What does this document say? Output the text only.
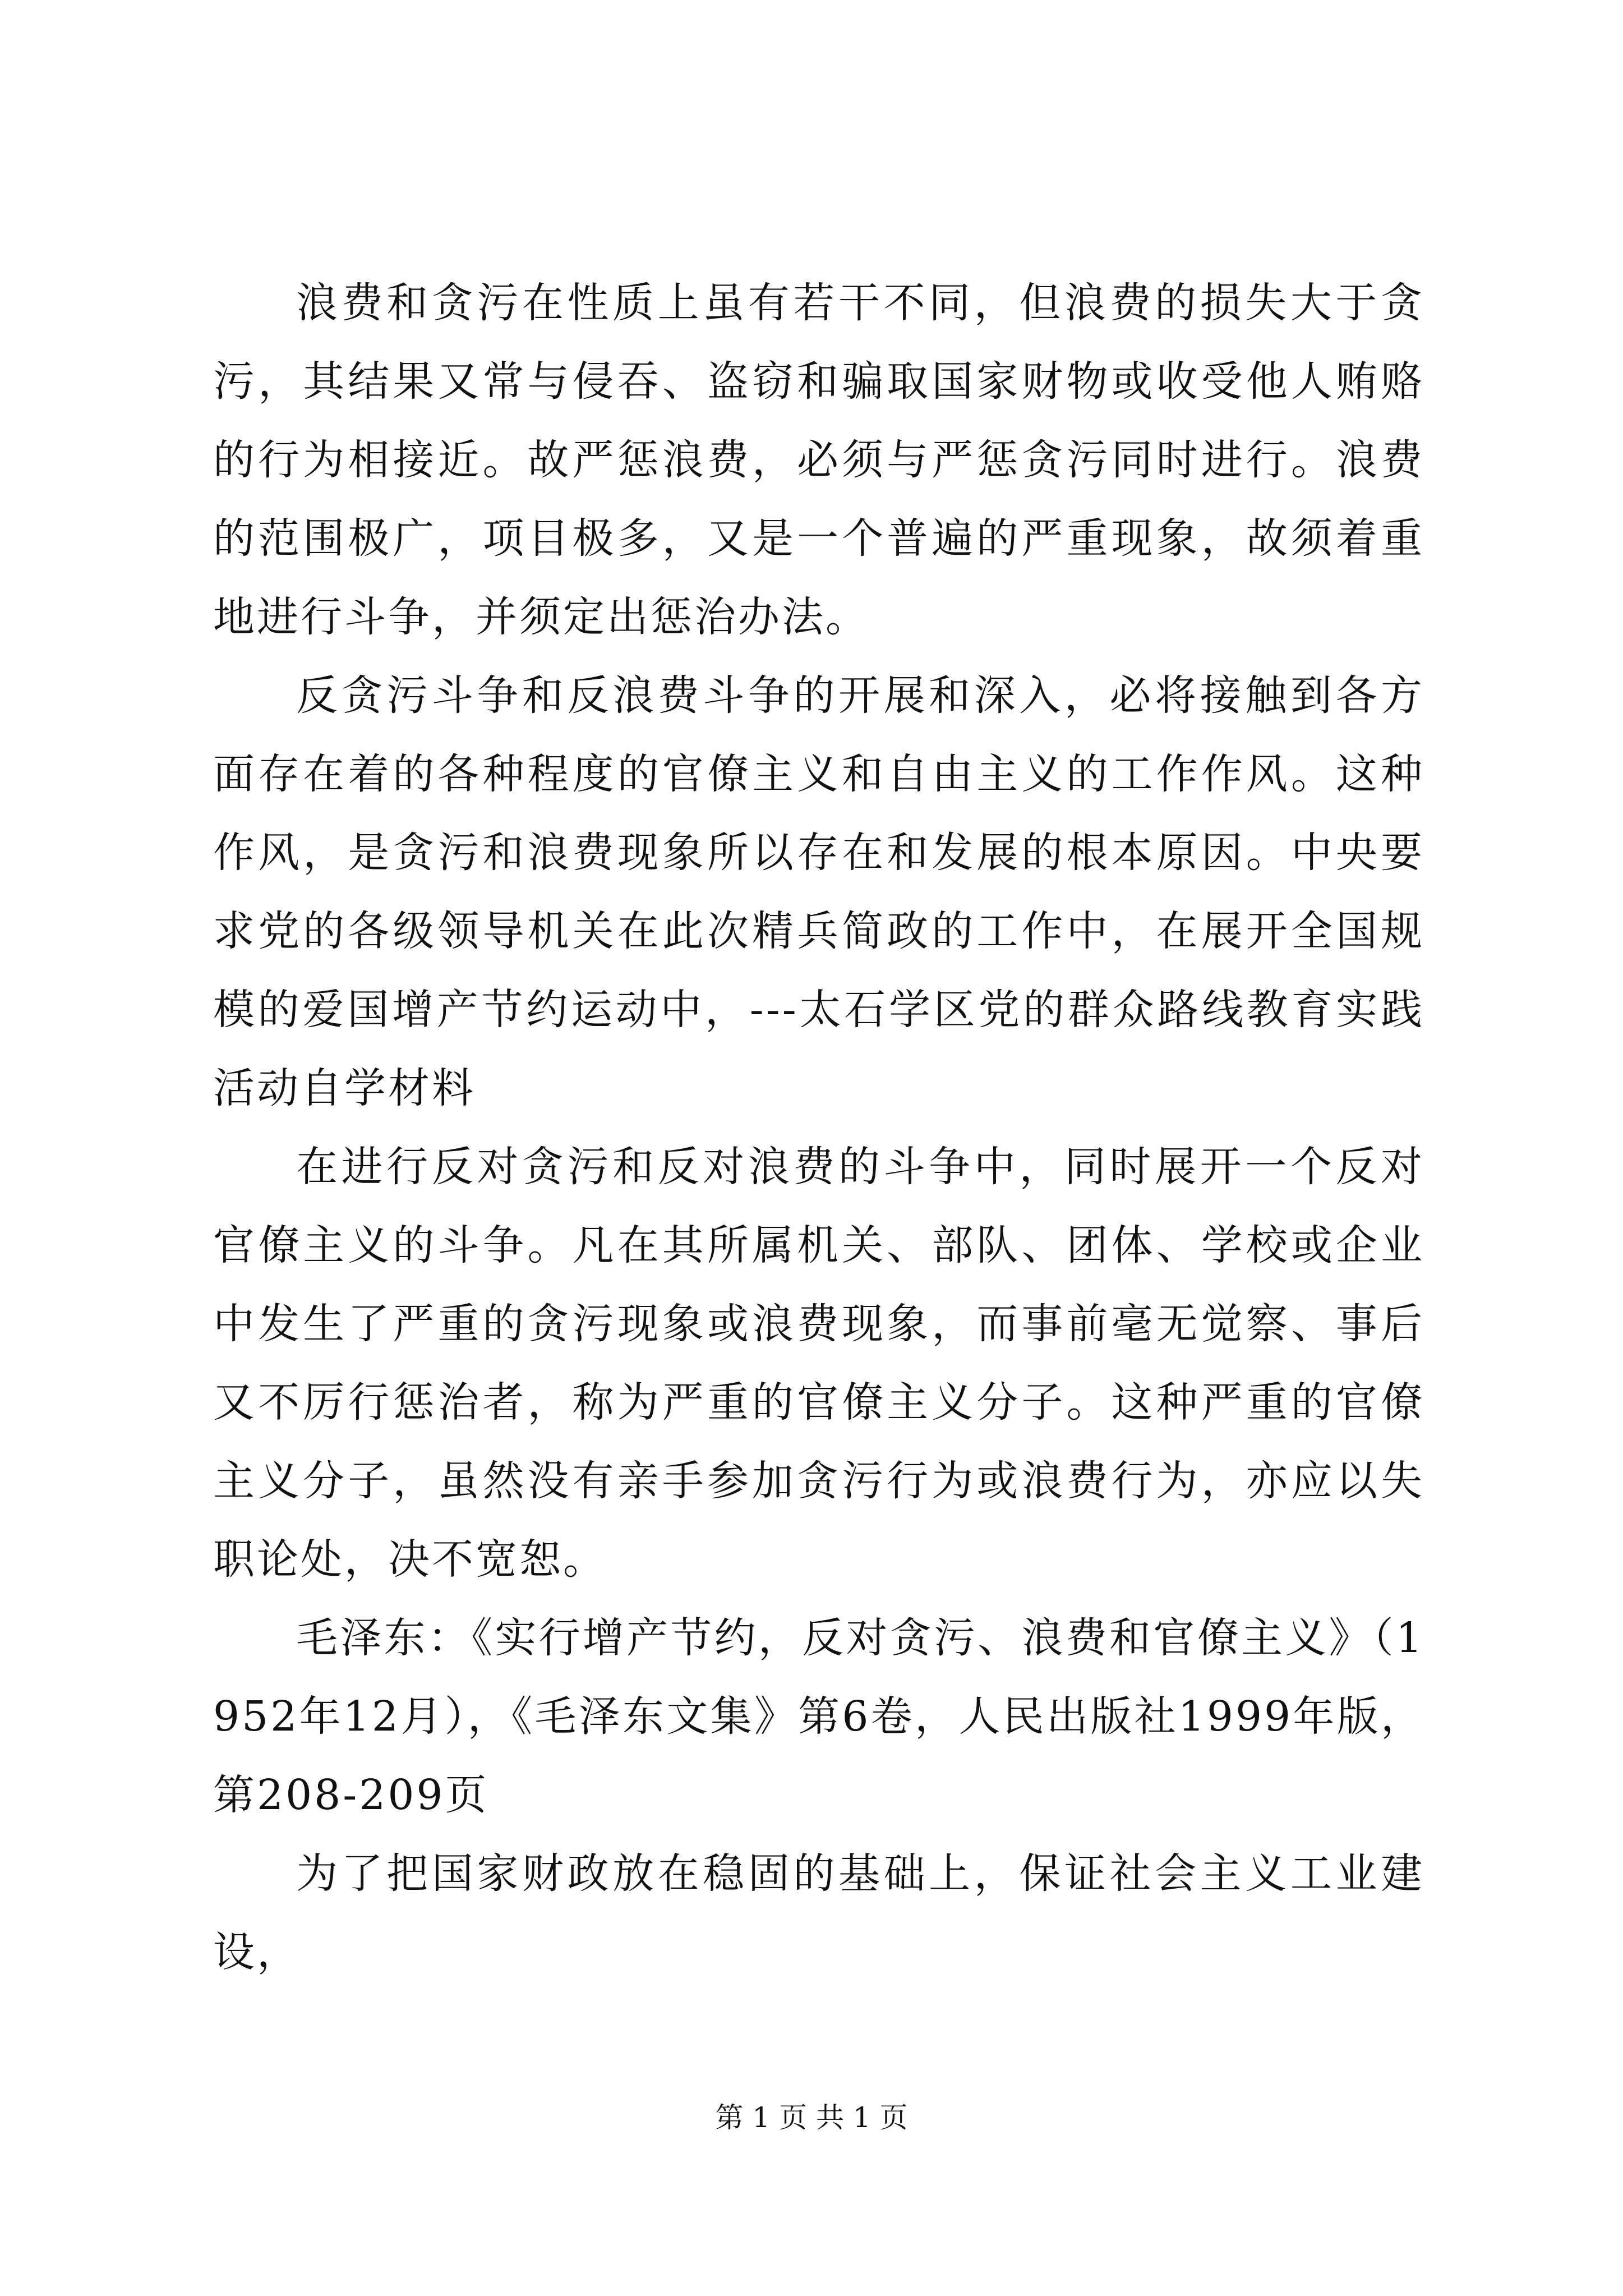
浪费和贪污在性质上虽有若干不同，但浪费的损失大于贪污，其结果又常与侵吞、盗窃和骗取国家财物或收受他人贿赂的行为相接近。故严惩浪费，必须与严惩贪污同时进行。浪费的范围极广，项目极多，又是一个普遍的严重现象，故须着重地进行斗争，并须定出惩治办法。

反贪污斗争和反浪费斗争的开展和深入，必将接触到各方面存在着的各种程度的官僚主义和自由主义的工作作风。这种作风，是贪污和浪费现象所以存在和发展的根本原因。中央要求党的各级领导机关在此次精兵简政的工作中，在展开全国规模的爱国增产节约运动中，---太石学区党的群众路线教育实践活动自学材料

在进行反对贪污和反对浪费的斗争中，同时展开一个反对官僚主义的斗争。凡在其所属机关、部队、团体、学校或企业中发生了严重的贪污现象或浪费现象，而事前毫无觉察、事后又不厉行惩治者，称为严重的官僚主义分子。这种严重的官僚主义分子，虽然没有亲手参加贪污行为或浪费行为，亦应以失职论处，决不宽恕。

毛泽东：《实行增产节约，反对贪污、浪费和官僚主义》（1952年12月），《毛泽东文集》第6卷，人民出版社1999年版，第208-209页

为了把国家财政放在稳固的基础上，保证社会主义工业建设，

第 1 页 共 1 页
